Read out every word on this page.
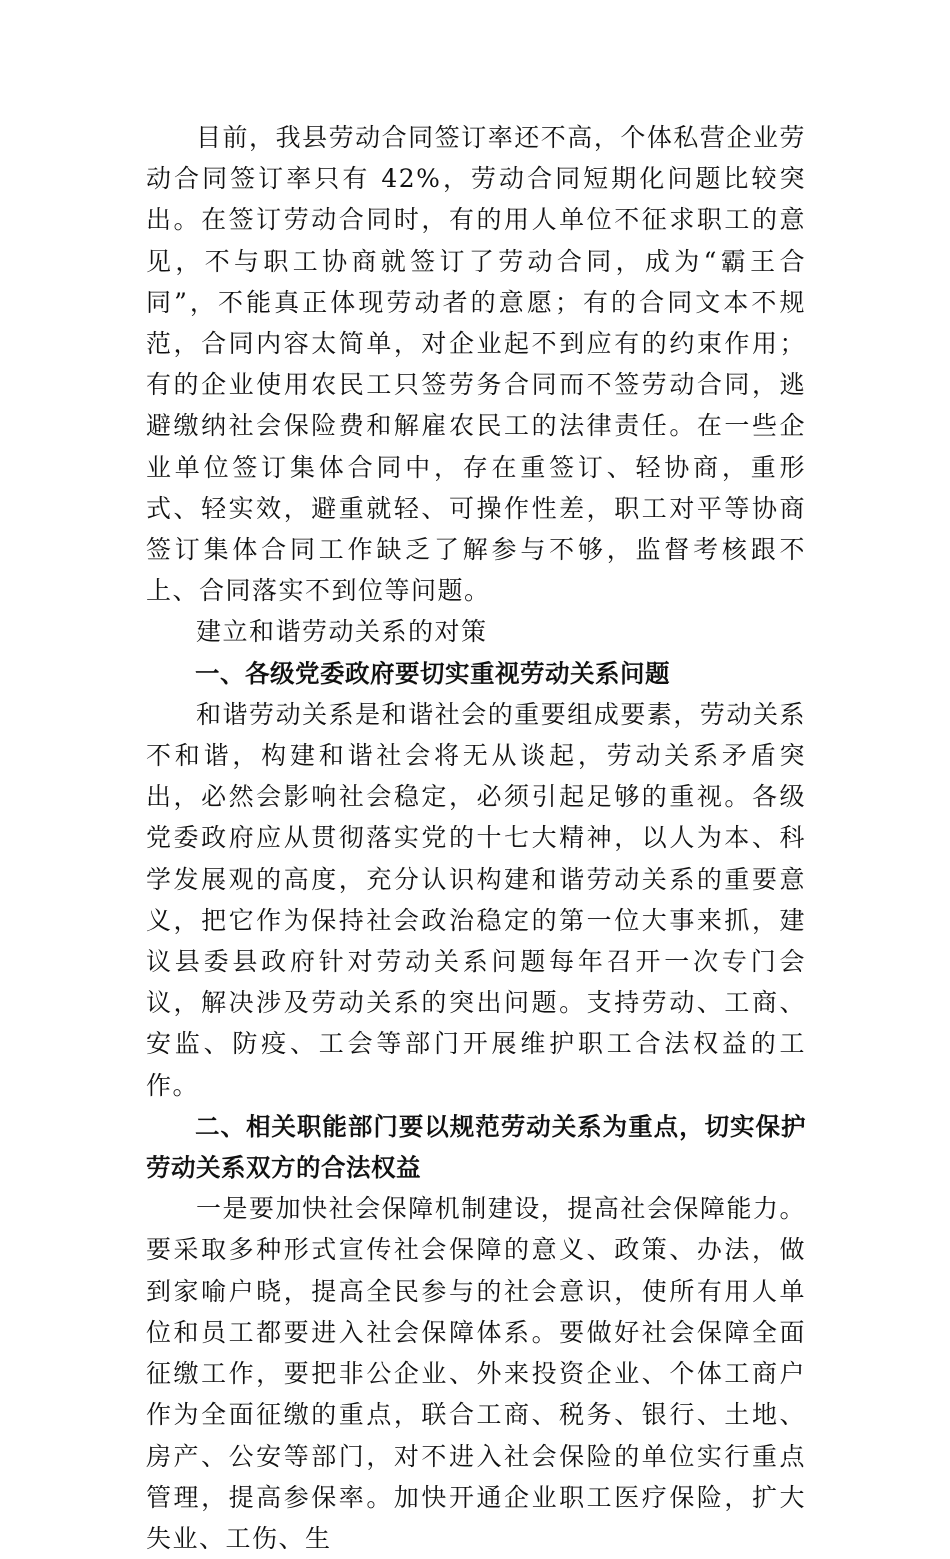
目前，我县劳动合同签订率还不高，个体私营企业劳动合同签订率只有 42%，劳动合同短期化问题比较突出。在签订劳动合同时，有的用人单位不征求职工的意见，不与职工协商就签订了劳动合同，成为“霸王合同”，不能真正体现劳动者的意愿；有的合同文本不规范，合同内容太简单，对企业起不到应有的约束作用；有的企业使用农民工只签劳务合同而不签劳动合同，逃避缴纳社会保险费和解雇农民工的法律责任。在一些企业单位签订集体合同中，存在重签订、轻协商，重形式、轻实效，避重就轻、可操作性差，职工对平等协商签订集体合同工作缺乏了解参与不够，监督考核跟不上、合同落实不到位等问题。

建立和谐劳动关系的对策

一、各级党委政府要切实重视劳动关系问题

和谐劳动关系是和谐社会的重要组成要素，劳动关系不和谐，构建和谐社会将无从谈起，劳动关系矛盾突出，必然会影响社会稳定，必须引起足够的重视。各级党委政府应从贯彻落实党的十七大精神，以人为本、科学发展观的高度，充分认识构建和谐劳动关系的重要意义，把它作为保持社会政治稳定的第一位大事来抓，建议县委县政府针对劳动关系问题每年召开一次专门会议，解决涉及劳动关系的突出问题。支持劳动、工商、安监、防疫、工会等部门开展维护职工合法权益的工作。

二、相关职能部门要以规范劳动关系为重点，切实保护劳动关系双方的合法权益

一是要加快社会保障机制建设，提高社会保障能力。要采取多种形式宣传社会保障的意义、政策、办法，做到家喻户晓，提高全民参与的社会意识，使所有用人单位和员工都要进入社会保障体系。要做好社会保障全面征缴工作，要把非公企业、外来投资企业、个体工商户作为全面征缴的重点，联合工商、税务、银行、土地、房产、公安等部门，对不进入社会保险的单位实行重点管理，提高参保率。加快开通企业职工医疗保险，扩大失业、工伤、生
